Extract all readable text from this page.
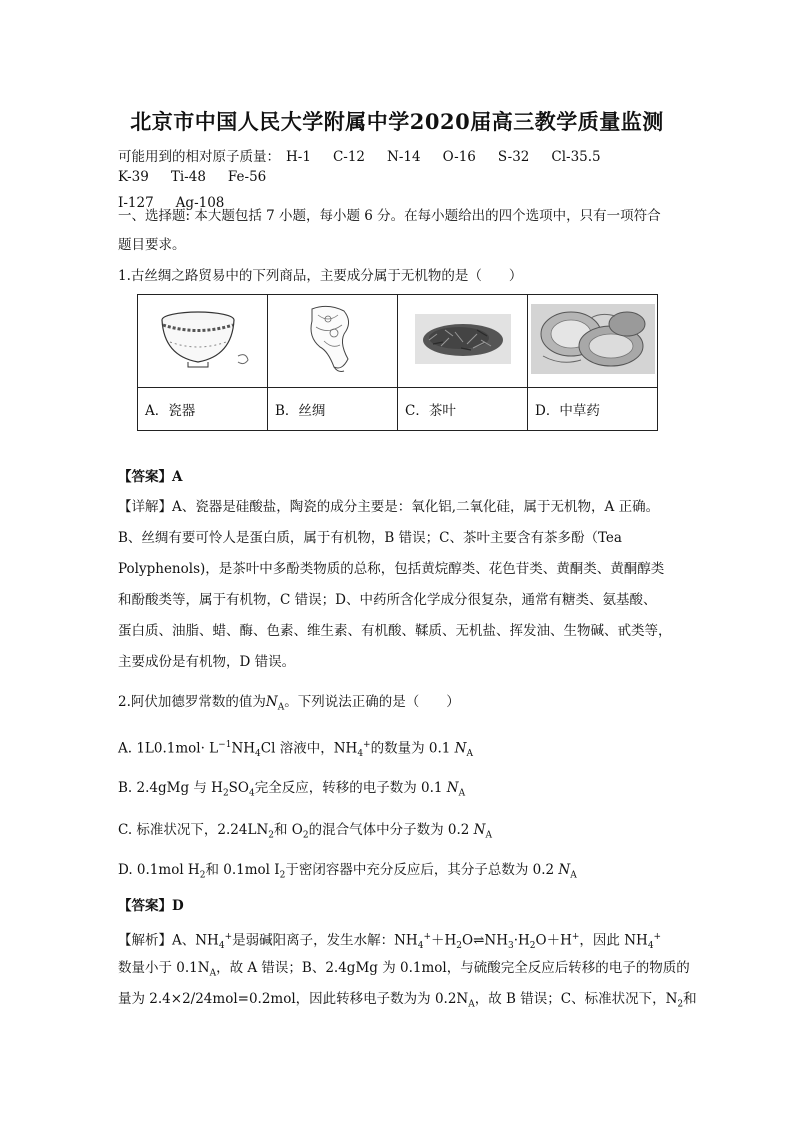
北京市中国人民大学附属中学2020届高三教学质量监测
可能用到的相对原子质量： H-1 C-12 N-14 O-16 S-32 Cl-35.5
K-39 Ti-48 Fe-56
I-127 Ag-108
一、选择题: 本大题包括 7 小题，每小题 6 分。在每小题给出的四个选项中，只有一项符合
题目要求。
1.古丝绸之路贸易中的下列商品，主要成分属于无机物的是（　　）

A．瓷器	B．丝绸	C．茶叶	D．中草药
【答案】A
【详解】A、瓷器是硅酸盐，陶瓷的成分主要是：氧化铝,二氧化硅，属于无机物，A 正确。
B、丝绸有要可怜人是蛋白质，属于有机物，B 错误；C、茶叶主要含有茶多酚（Tea
Polyphenols)，是茶叶中多酚类物质的总称，包括黄烷醇类、花色苷类、黄酮类、黄酮醇类
和酚酸类等，属于有机物，C 错误；D、中药所含化学成分很复杂，通常有糖类、氨基酸、
蛋白质、油脂、蜡、酶、色素、维生素、有机酸、鞣质、无机盐、挥发油、生物碱、甙类等，
主要成份是有机物，D 错误。
2.阿伏加德罗常数的值为$N_A$。下列说法正确的是（　　）
A. $1L0.1mol\cdot L^{-1}NH_4Cl$ 溶液中，$NH_4^+$的数量为 0.1 $N_A$
B. 2.4gMg 与 $H_2SO_4$完全反应，转移的电子数为 0.1 $N_A$
C. 标准状况下，$2.24LN_2$和 $O_2$的混合气体中分子数为 0.2 $N_A$
D. 0.1mol $H_2$和 0.1mol $I_2$于密闭容器中充分反应后，其分子总数为 0.2 $N_A$
【答案】D
【解析】A、$NH_4^+$是弱碱阳离子，发生水解：$NH_4^++H_2O\rightleftharpoons NH_3\cdot H_2O+H^+$，因此 $NH_4^+$
数量小于 $0.1N_A$，故 A 错误；B、2.4gMg 为 0.1mol，与硫酸完全反应后转移的电子的物质的
量为 2.4×2/24mol=0.2mol，因此转移电子数为为 $0.2N_A$，故 B 错误；C、标准状况下，$N_2$和
